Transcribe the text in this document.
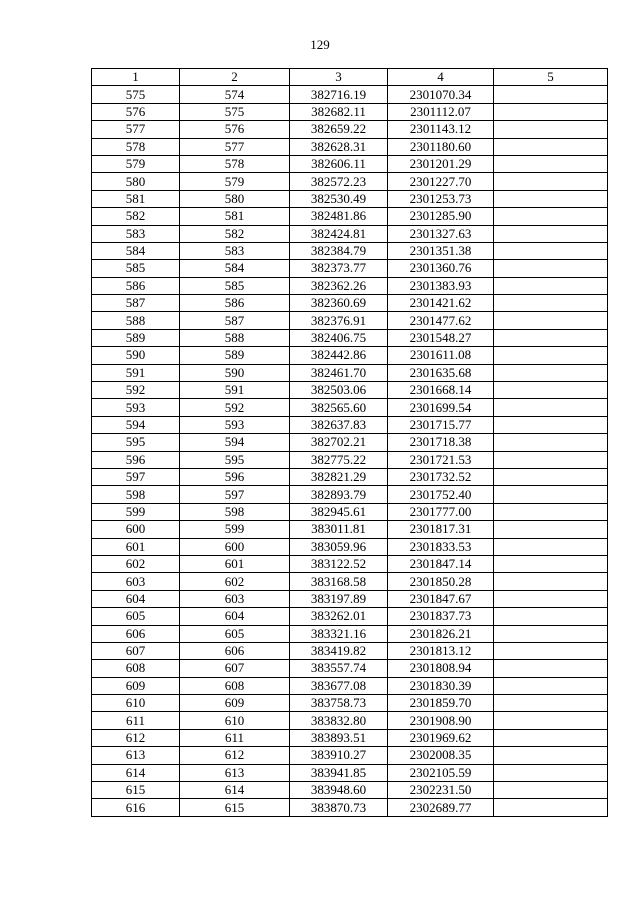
129
1	2	3	4	5
575	574	382716.19	2301070.34	
576	575	382682.11	2301112.07	
577	576	382659.22	2301143.12	
578	577	382628.31	2301180.60	
579	578	382606.11	2301201.29	
580	579	382572.23	2301227.70	
581	580	382530.49	2301253.73	
582	581	382481.86	2301285.90	
583	582	382424.81	2301327.63	
584	583	382384.79	2301351.38	
585	584	382373.77	2301360.76	
586	585	382362.26	2301383.93	
587	586	382360.69	2301421.62	
588	587	382376.91	2301477.62	
589	588	382406.75	2301548.27	
590	589	382442.86	2301611.08	
591	590	382461.70	2301635.68	
592	591	382503.06	2301668.14	
593	592	382565.60	2301699.54	
594	593	382637.83	2301715.77	
595	594	382702.21	2301718.38	
596	595	382775.22	2301721.53	
597	596	382821.29	2301732.52	
598	597	382893.79	2301752.40	
599	598	382945.61	2301777.00	
600	599	383011.81	2301817.31	
601	600	383059.96	2301833.53	
602	601	383122.52	2301847.14	
603	602	383168.58	2301850.28	
604	603	383197.89	2301847.67	
605	604	383262.01	2301837.73	
606	605	383321.16	2301826.21	
607	606	383419.82	2301813.12	
608	607	383557.74	2301808.94	
609	608	383677.08	2301830.39	
610	609	383758.73	2301859.70	
611	610	383832.80	2301908.90	
612	611	383893.51	2301969.62	
613	612	383910.27	2302008.35	
614	613	383941.85	2302105.59	
615	614	383948.60	2302231.50	
616	615	383870.73	2302689.77	
